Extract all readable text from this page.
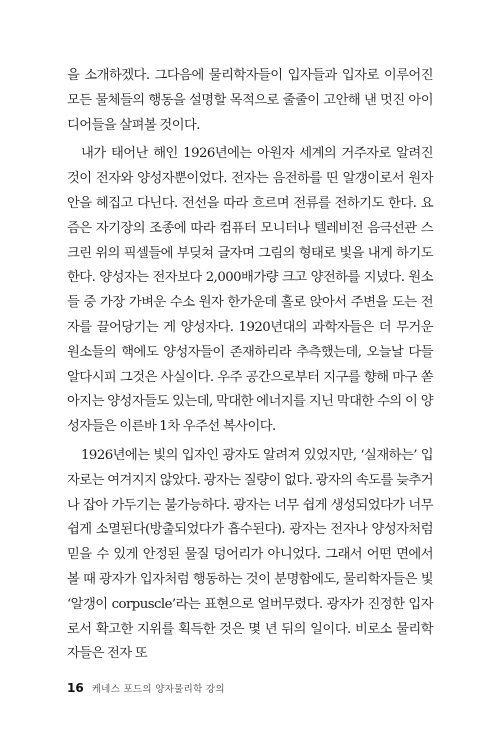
을 소개하겠다. 그다음에 물리학자들이 입자들과 입자로 이루어진 모든 물체들의 행동을 설명할 목적으로 줄줄이 고안해 낸 멋진 아이디어들을 살펴볼 것이다.

내가 태어난 해인 1926년에는 아원자 세계의 거주자로 알려진 것이 전자와 양성자뿐이었다. 전자는 음전하를 띤 알갱이로서 원자 안을 헤집고 다닌다. 전선을 따라 흐르며 전류를 전하기도 한다. 요즘은 자기장의 조종에 따라 컴퓨터 모니터나 텔레비전 음극선관 스크린 위의 픽셀들에 부딪쳐 글자며 그림의 형태로 빛을 내게 하기도 한다. 양성자는 전자보다 2,000배가량 크고 양전하를 지녔다. 원소들 중 가장 가벼운 수소 원자 한가운데 홀로 앉아서 주변을 도는 전자를 끌어당기는 게 양성자다. 1920년대의 과학자들은 더 무거운 원소들의 핵에도 양성자들이 존재하리라 추측했는데, 오늘날 다들 알다시피 그것은 사실이다. 우주 공간으로부터 지구를 향해 마구 쏟아지는 양성자들도 있는데, 막대한 에너지를 지닌 막대한 수의 이 양성자들은 이른바 1차 우주선 복사이다.

1926년에는 빛의 입자인 광자도 알려져 있었지만, ‘실재하는’ 입자로는 여겨지지 않았다. 광자는 질량이 없다. 광자의 속도를 늦추거나 잡아 가두기는 불가능하다. 광자는 너무 쉽게 생성되었다가 너무 쉽게 소멸된다(방출되었다가 흡수된다). 광자는 전자나 양성자처럼 믿을 수 있게 안정된 물질 덩어리가 아니었다. 그래서 어떤 면에서 볼 때 광자가 입자처럼 행동하는 것이 분명함에도, 물리학자들은 빛 ‘알갱이 corpuscle’라는 표현으로 얼버무렸다. 광자가 진정한 입자로서 확고한 지위를 획득한 것은 몇 년 뒤의 일이다. 비로소 물리학자들은 전자 또

16 케네스 포드의 양자물리학 강의
